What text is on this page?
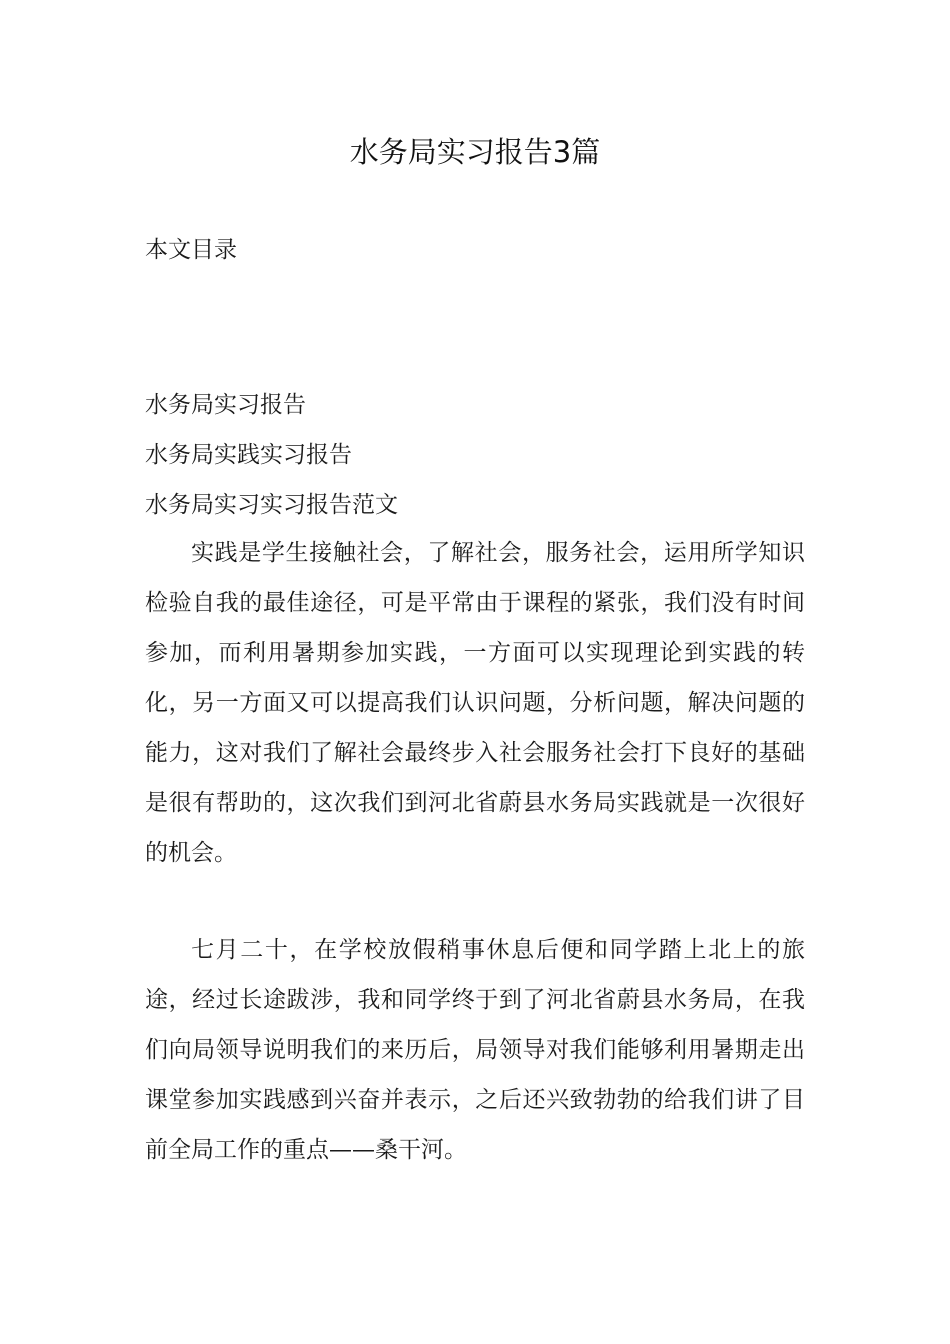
水务局实习报告3篇
本文目录
水务局实习报告
水务局实践实习报告
水务局实习实习报告范文

实践是学生接触社会，了解社会，服务社会，运用所学知识检验自我的最佳途径，可是平常由于课程的紧张，我们没有时间参加，而利用暑期参加实践，一方面可以实现理论到实践的转化，另一方面又可以提高我们认识问题，分析问题，解决问题的能力，这对我们了解社会最终步入社会服务社会打下良好的基础是很有帮助的，这次我们到河北省蔚县水务局实践就是一次很好的机会。

七月二十，在学校放假稍事休息后便和同学踏上北上的旅途，经过长途跋涉，我和同学终于到了河北省蔚县水务局，在我们向局领导说明我们的来历后，局领导对我们能够利用暑期走出课堂参加实践感到兴奋并表示，之后还兴致勃勃的给我们讲了目前全局工作的重点——桑干河。
